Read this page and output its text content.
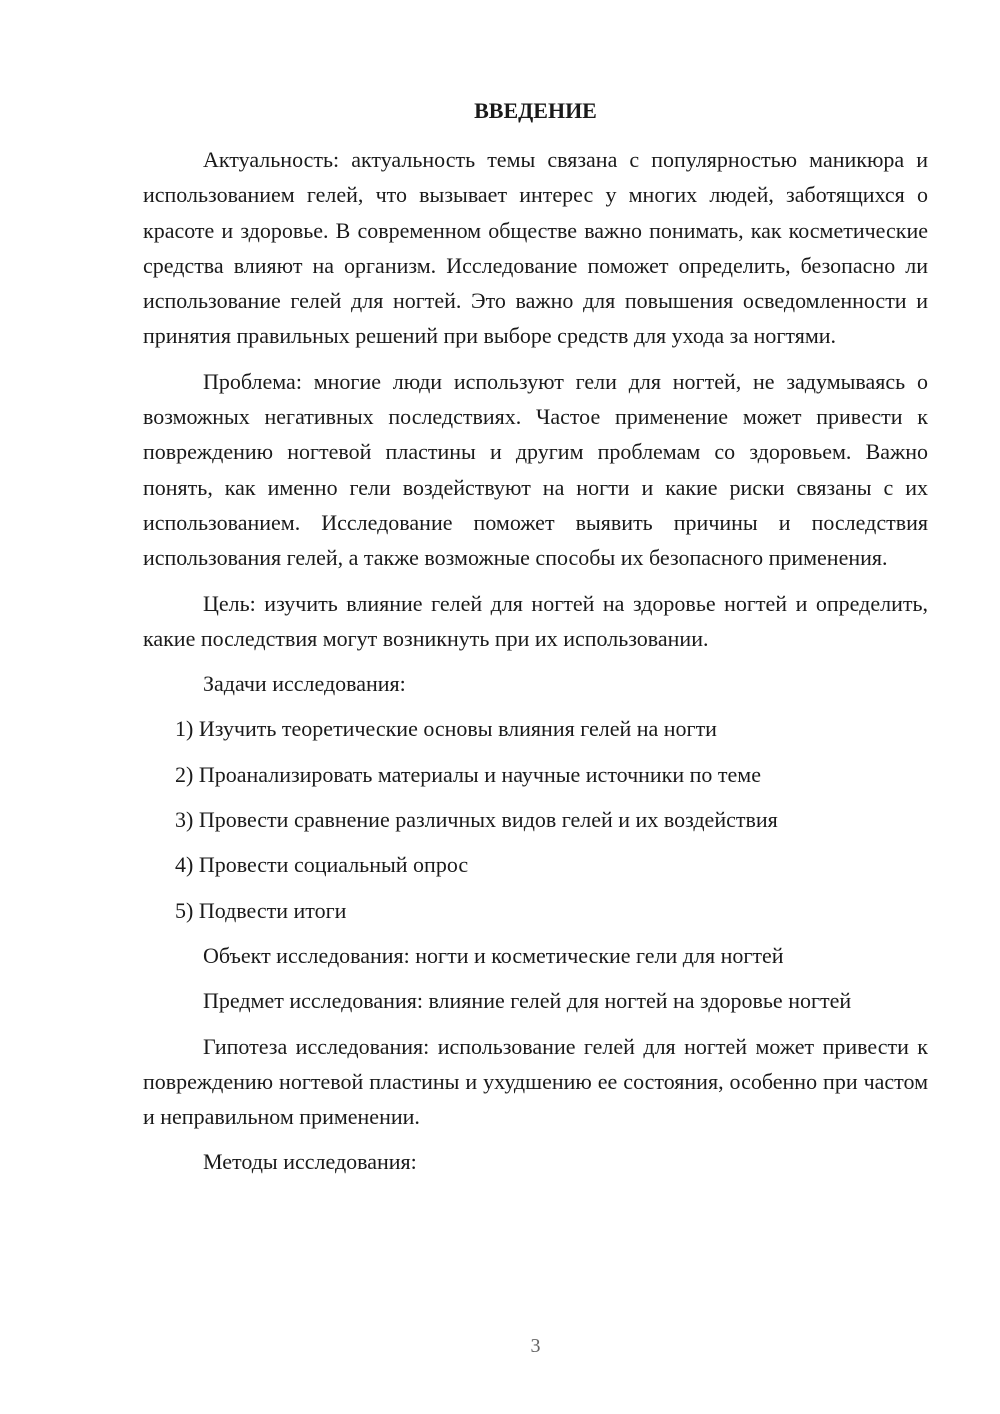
ВВЕДЕНИЕ

Актуальность: актуальность темы связана с популярностью маникюра и использованием гелей, что вызывает интерес у многих людей, заботящихся о красоте и здоровье. В современном обществе важно понимать, как косметические средства влияют на организм. Исследование поможет определить, безопасно ли использование гелей для ногтей. Это важно для повышения осведомленности и принятия правильных решений при выборе средств для ухода за ногтями.

Проблема: многие люди используют гели для ногтей, не задумываясь о возможных негативных последствиях. Частое применение может привести к повреждению ногтевой пластины и другим проблемам со здоровьем. Важно понять, как именно гели воздействуют на ногти и какие риски связаны с их использованием. Исследование поможет выявить причины и последствия использования гелей, а также возможные способы их безопасного применения.

Цель: изучить влияние гелей для ногтей на здоровье ногтей и определить, какие последствия могут возникнуть при их использовании.

Задачи исследования:

1) Изучить теоретические основы влияния гелей на ногти

2) Проанализировать материалы и научные источники по теме

3) Провести сравнение различных видов гелей и их воздействия

4) Провести социальный опрос

5) Подвести итоги

Объект исследования: ногти и косметические гели для ногтей

Предмет исследования: влияние гелей для ногтей на здоровье ногтей

Гипотеза исследования: использование гелей для ногтей может привести к повреждению ногтевой пластины и ухудшению ее состояния, особенно при частом и неправильном применении.

Методы исследования:

3
